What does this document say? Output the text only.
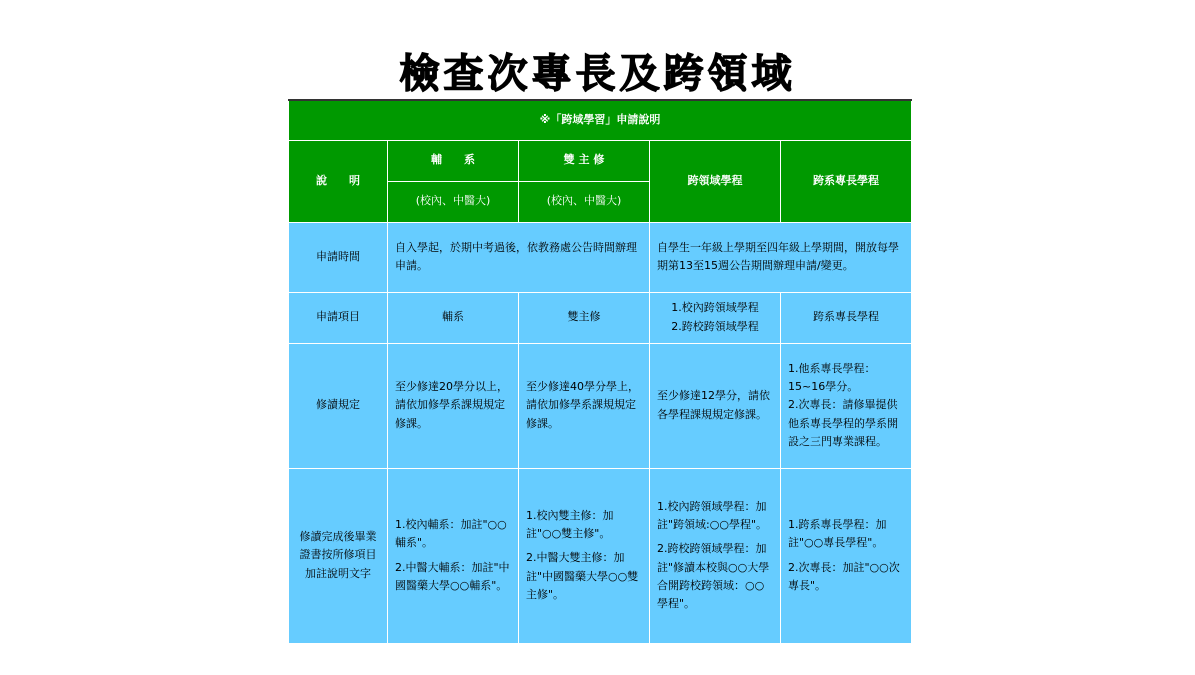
檢查次專長及跨領域
※「跨域學習」申請說明				
說　　明	輔　　系	雙 主 修	跨領域學程	跨系專長學程
	(校內、中醫大)	(校內、中醫大)		
申請時間	自入學起，於期中考過後，依教務處公告時間辦理申請。		自學生一年級上學期至四年級上學期間，開放每學期第13至15週公告期間辦理申請/變更。	
申請項目	輔系	雙主修	1.校內跨領域學程
2.跨校跨領域學程	跨系專長學程
修讀規定	至少修達20學分以上，請依加修學系課規規定修課。	至少修達40學分學上，請依加修學系課規規定修課。	至少修達12學分，請依各學程課規規定修課。	1.他系專長學程：15~16學分。
2.次專長：請修畢提供他系專長學程的學系開設之三門專業課程。

修讀完成後畢業證書按所修項目加註說明文字	1.校內輔系：加註"○○輔系"。
2.中醫大輔系：加註"中國醫藥大學○○輔系"。	1.校內雙主修：加註"○○雙主修"。
2.中醫大雙主修：加註"中國醫藥大學○○雙主修"。	1.校內跨領域學程：加註"跨領域:○○學程"。
2.跨校跨領域學程：加註"修讀本校與○○大學合開跨校跨領域：○○學程"。	1.跨系專長學程：加註"○○專長學程"。
2.次專長：加註"○○次專長"。
